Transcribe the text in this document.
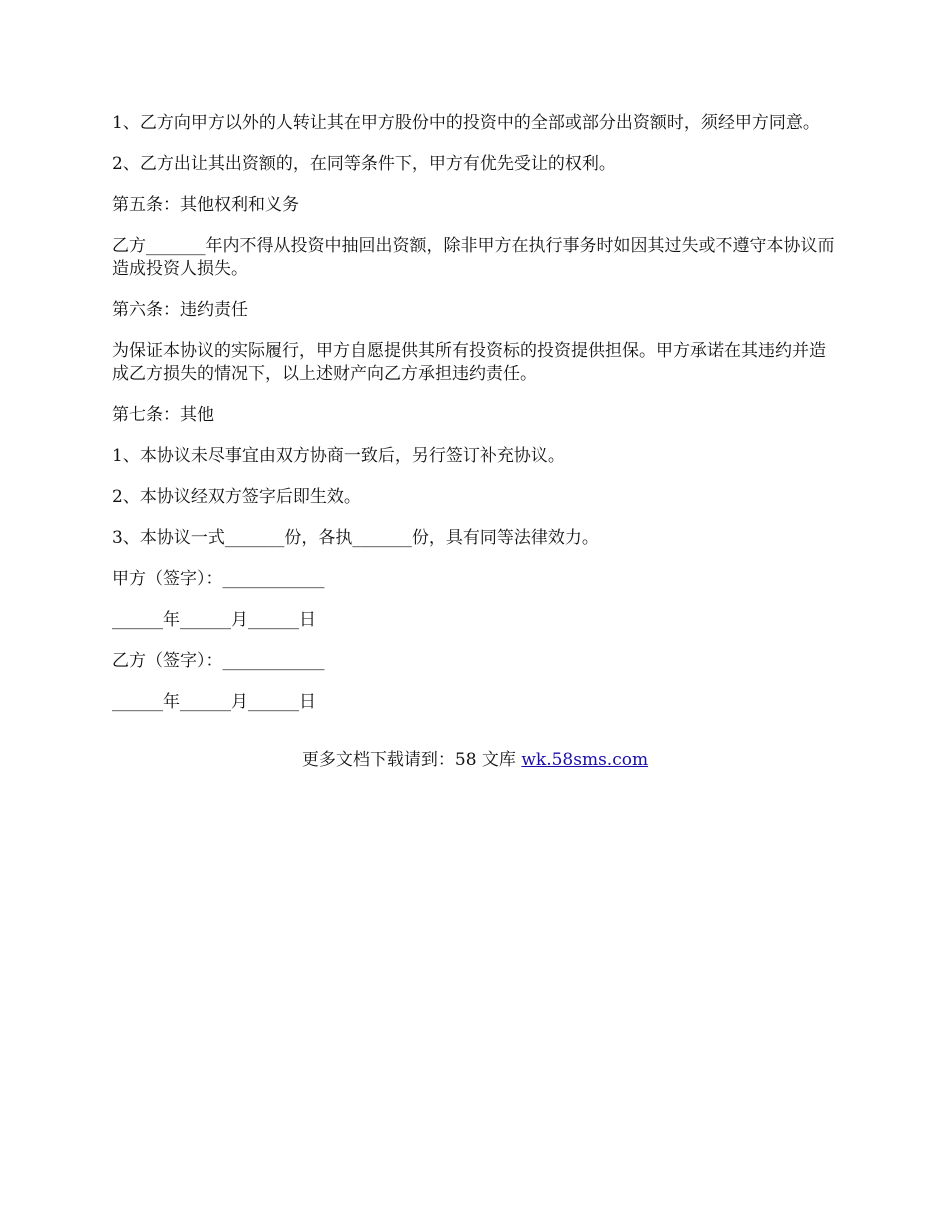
1、乙方向甲方以外的人转让其在甲方股份中的投资中的全部或部分出资额时，须经甲方同意。

2、乙方出让其出资额的，在同等条件下，甲方有优先受让的权利。

第五条：其他权利和义务

乙方_______年内不得从投资中抽回出资额，除非甲方在执行事务时如因其过失或不遵守本协议而造成投资人损失。

第六条：违约责任

为保证本协议的实际履行，甲方自愿提供其所有投资标的投资提供担保。甲方承诺在其违约并造成乙方损失的情况下，以上述财产向乙方承担违约责任。

第七条：其他

1、本协议未尽事宜由双方协商一致后，另行签订补充协议。

2、本协议经双方签字后即生效。

3、本协议一式_______份，各执_______份，具有同等法律效力。

甲方（签字）：____________

______年______月______日

乙方（签字）：____________

______年______月______日

更多文档下载请到：58 文库 wk.58sms.com
